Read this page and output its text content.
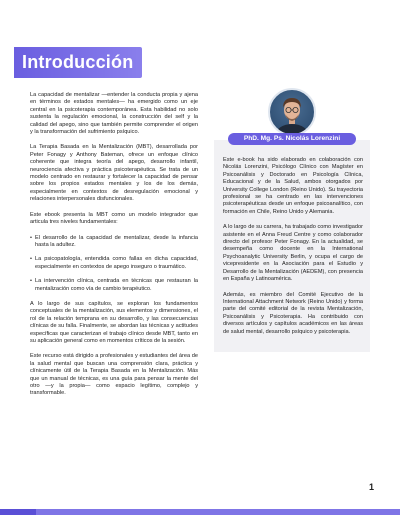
Introducción

La capacidad de mentalizar —entender la conducta propia y ajena en términos de estados mentales— ha emergido como un eje central en la psicoterapia contemporánea. Esta habilidad no solo sustenta la regulación emocional, la construcción del self y la calidad del apego, sino que también permite comprender el origen y la transformación del sufrimiento psíquico.

La Terapia Basada en la Mentalización (MBT), desarrollada por Peter Fonagy y Anthony Bateman, ofrece un enfoque clínico coherente que integra teoría del apego, desarrollo infantil, neurociencia afectiva y práctica psicoterapéutica. Se trata de un modelo centrado en restaurar y fortalecer la capacidad de pensar sobre los propios estados mentales y los de los demás, especialmente en contextos de desregulación emocional y relaciones interpersonales disfuncionales.

Este ebook presenta la MBT como un modelo integrador que articula tres niveles fundamentales:

• El desarrollo de la capacidad de mentalizar, desde la infancia hasta la adultez.
• La psicopatología, entendida como fallas en dicha capacidad, especialmente en contextos de apego inseguro o traumático.
• La intervención clínica, centrada en técnicas que restauran la mentalización como vía de cambio terapéutico.

A lo largo de sus capítulos, se exploran los fundamentos conceptuales de la mentalización, sus elementos y dimensiones, el rol de la relación temprana en su desarrollo, y las consecuencias clínicas de su falla. Finalmente, se abordan las técnicas y actitudes específicas que caracterizan el trabajo clínico desde MBT, tanto en su aplicación general como en momentos críticos de la sesión.

Este recurso está dirigido a profesionales y estudiantes del área de la salud mental que buscan una comprensión clara, práctica y clínicamente útil de la Terapia Basada en la Mentalización. Más que un manual de técnicas, es una guía para pensar la mente del otro —y la propia— como espacio legítimo, complejo y transformable.

PhD. Mg. Ps. Nicolás Lorenzini

Este e-book ha sido elaborado en colaboración con Nicolás Lorenzini, Psicólogo Clínico con Magíster en Psicoanálisis y Doctorado en Psicología Clínica, Educacional y de la Salud, ambos otorgados por University College London (Reino Unido). Su trayectoria profesional se ha centrado en las intervenciones psicoterapéuticas desde un enfoque psicoanalítico, con formación en Chile, Reino Unido y Alemania.

A lo largo de su carrera, ha trabajado como investigador asistente en el Anna Freud Centre y como colaborador directo del profesor Peter Fonagy. En la actualidad, se desempeña como docente en la International Psychoanalytic University Berlin, y ocupa el cargo de vicepresidente en la Asociación para el Estudio y Desarrollo de la Mentalización (AEDEM), con presencia en España y Latinoamérica.

Además, es miembro del Comité Ejecutivo de la International Attachment Network (Reino Unido) y forma parte del comité editorial de la revista Mentalización, Psicoanálisis y Psicoterapia. Ha contribuido con diversos artículos y capítulos académicos en las áreas de salud mental, desarrollo psíquico y psicoterapia.

1
